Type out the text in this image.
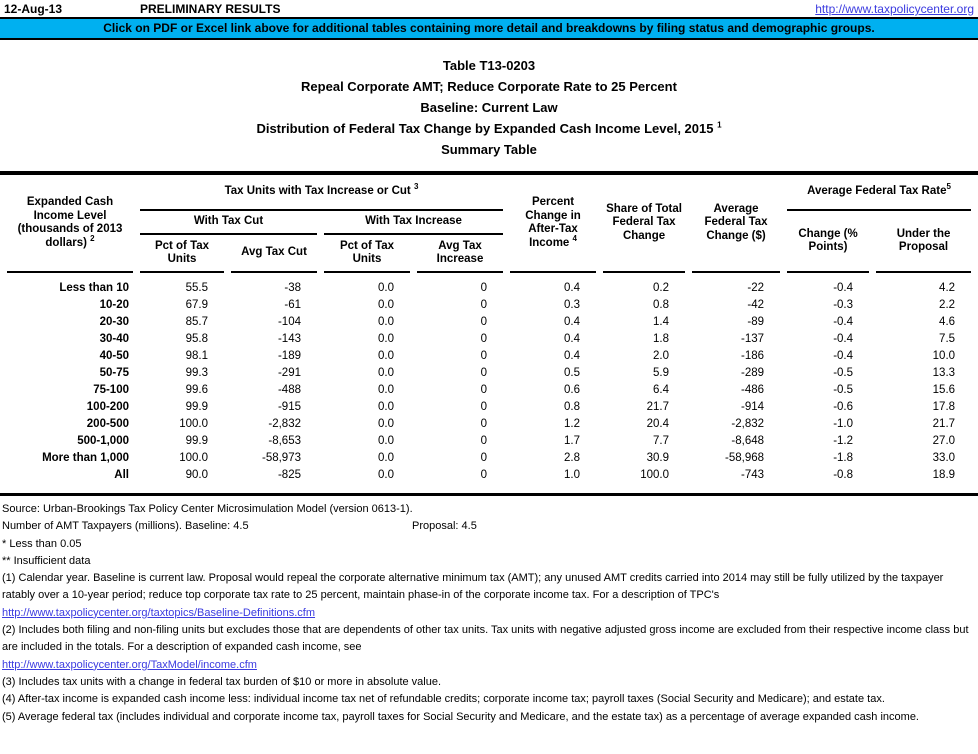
12-Aug-13	PRELIMINARY RESULTS	http://www.taxpolicycenter.org
Click on PDF or Excel link above for additional tables containing more detail and breakdowns by filing status and demographic groups.
Table T13-0203
Repeal Corporate AMT; Reduce Corporate Rate to 25 Percent
Baseline: Current Law
Distribution of Federal Tax Change by Expanded Cash Income Level, 2015 $^1$
Summary Table
Expanded Cash Income Level (thousands of 2013 dollars) $^2$	Tax Units with Tax Increase or Cut $^3$				Percent Change in After-Tax Income $^4$	Share of Total Federal Tax Change	Average Federal Tax Change ($)	Average Federal Tax Rate$^5$
	With Tax Cut		With Tax Increase					Change (% Points)	Under the Proposal
	Pct of Tax Units	Avg Tax Cut	Pct of Tax Units	Avg Tax Increase					
Less than 10	55.5	-38	0.0	0	0.4	0.2	-22	-0.4	4.2
10-20	67.9	-61	0.0	0	0.3	0.8	-42	-0.3	2.2
20-30	85.7	-104	0.0	0	0.4	1.4	-89	-0.4	4.6
30-40	95.8	-143	0.0	0	0.4	1.8	-137	-0.4	7.5
40-50	98.1	-189	0.0	0	0.4	2.0	-186	-0.4	10.0
50-75	99.3	-291	0.0	0	0.5	5.9	-289	-0.5	13.3
75-100	99.6	-488	0.0	0	0.6	6.4	-486	-0.5	15.6
100-200	99.9	-915	0.0	0	0.8	21.7	-914	-0.6	17.8
200-500	100.0	-2,832	0.0	0	1.2	20.4	-2,832	-1.0	21.7
500-1,000	99.9	-8,653	0.0	0	1.7	7.7	-8,648	-1.2	27.0
More than 1,000	100.0	-58,973	0.0	0	2.8	30.9	-58,968	-1.8	33.0
All	90.0	-825	0.0	0	1.0	100.0	-743	-0.8	18.9

Source: Urban-Brookings Tax Policy Center Microsimulation Model (version 0613-1).

Number of AMT Taxpayers (millions). Baseline: 4.5	Proposal: 4.5

* Less than 0.05

** Insufficient data

(1) Calendar year. Baseline is current law. Proposal would repeal the corporate alternative minimum tax (AMT); any unused AMT credits carried into 2014 may still be fully utilized by the taxpayer ratably over a 10-year period; reduce top corporate tax rate to 25 percent, maintain phase-in of the corporate income tax. For a description of TPC's

http://www.taxpolicycenter.org/taxtopics/Baseline-Definitions.cfm

(2) Includes both filing and non-filing units but excludes those that are dependents of other tax units. Tax units with negative adjusted gross income are excluded from their respective income class but are included in the totals. For a description of expanded cash income, see

http://www.taxpolicycenter.org/TaxModel/income.cfm

(3) Includes tax units with a change in federal tax burden of $10 or more in absolute value.

(4) After-tax income is expanded cash income less: individual income tax net of refundable credits; corporate income tax; payroll taxes (Social Security and Medicare); and estate tax.

(5) Average federal tax (includes individual and corporate income tax, payroll taxes for Social Security and Medicare, and the estate tax) as a percentage of average expanded cash income.
